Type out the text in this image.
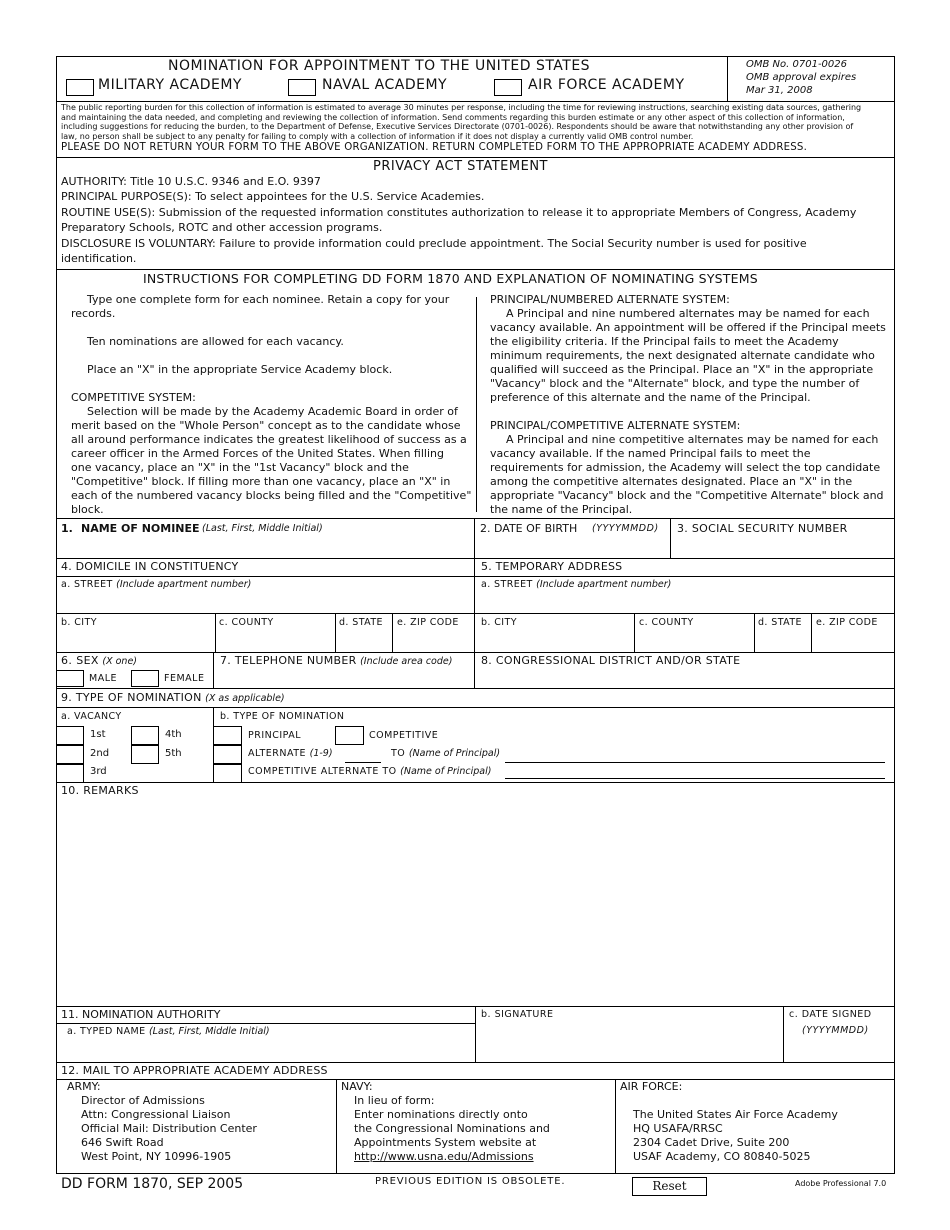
NOMINATION FOR APPOINTMENT TO THE UNITED STATES
MILITARY ACADEMY	NAVAL ACADEMY	AIR FORCE ACADEMY
OMB No. 0701-0026
OMB approval expires
Mar 31, 2008
The public reporting burden for this collection of information is estimated to average 30 minutes per response, including the time for reviewing instructions, searching existing data sources, gathering
and maintaining the data needed, and completing and reviewing the collection of information. Send comments regarding this burden estimate or any other aspect of this collection of information,
including suggestions for reducing the burden, to the Department of Defense, Executive Services Directorate (0701-0026). Respondents should be aware that notwithstanding any other provision of
law, no person shall be subject to any penalty for failing to comply with a collection of information if it does not display a currently valid OMB control number.
PLEASE DO NOT RETURN YOUR FORM TO THE ABOVE ORGANIZATION. RETURN COMPLETED FORM TO THE APPROPRIATE ACADEMY ADDRESS.
PRIVACY ACT STATEMENT
AUTHORITY: Title 10 U.S.C. 9346 and E.O. 9397
PRINCIPAL PURPOSE(S): To select appointees for the U.S. Service Academies.
ROUTINE USE(S): Submission of the requested information constitutes authorization to release it to appropriate Members of Congress, Academy
Preparatory Schools, ROTC and other accession programs.
DISCLOSURE IS VOLUNTARY: Failure to provide information could preclude appointment. The Social Security number is used for positive
identification.
INSTRUCTIONS FOR COMPLETING DD FORM 1870 AND EXPLANATION OF NOMINATING SYSTEMS
Type one complete form for each nominee. Retain a copy for your
records.
Ten nominations are allowed for each vacancy.
Place an "X" in the appropriate Service Academy block.
COMPETITIVE SYSTEM:
Selection will be made by the Academy Academic Board in order of
merit based on the "Whole Person" concept as to the candidate whose
all around performance indicates the greatest likelihood of success as a
career officer in the Armed Forces of the United States. When filling
one vacancy, place an "X" in the "1st Vacancy" block and the
"Competitive" block. If filling more than one vacancy, place an "X" in
each of the numbered vacancy blocks being filled and the "Competitive"
block.
PRINCIPAL/NUMBERED ALTERNATE SYSTEM:
A Principal and nine numbered alternates may be named for each
vacancy available. An appointment will be offered if the Principal meets
the eligibility criteria. If the Principal fails to meet the Academy
minimum requirements, the next designated alternate candidate who
qualified will succeed as the Principal. Place an "X" in the appropriate
"Vacancy" block and the "Alternate" block, and type the number of
preference of this alternate and the name of the Principal.
PRINCIPAL/COMPETITIVE ALTERNATE SYSTEM:
A Principal and nine competitive alternates may be named for each
vacancy available. If the named Principal fails to meet the
requirements for admission, the Academy will select the top candidate
among the competitive alternates designated. Place an "X" in the
appropriate "Vacancy" block and the "Competitive Alternate" block and
the name of the Principal.
1. NAME OF NOMINEE (Last, First, Middle Initial)	2. DATE OF BIRTH (YYYYMMDD) 3. SOCIAL SECURITY NUMBER
4. DOMICILE IN CONSTITUENCY	5. TEMPORARY ADDRESS
a. STREET (Include apartment number)	a. STREET (Include apartment number)
b. CITY	c. COUNTY	d. STATE e. ZIP CODE b. CITY	c. COUNTY	d. STATE e. ZIP CODE
6. SEX (X one)
MALE	FEMALE
7. TELEPHONE NUMBER (Include area code)	8. CONGRESSIONAL DISTRICT AND/OR STATE
9. TYPE OF NOMINATION (X as applicable)
a. VACANCY
1st
2nd
3rd
4th
5th
b. TYPE OF NOMINATION
PRINCIPAL	COMPETITIVE
ALTERNATE (1-9)	TO (Name of Principal)
COMPETITIVE ALTERNATE TO (Name of Principal)
10. REMARKS
11. NOMINATION AUTHORITY
a. TYPED NAME (Last, First, Middle Initial)
b. SIGNATURE	c. DATE SIGNED
(YYYYMMDD)
12. MAIL TO APPROPRIATE ACADEMY ADDRESS
ARMY:
Director of Admissions
Attn: Congressional Liaison
Official Mail: Distribution Center
646 Swift Road
West Point, NY 10996-1905
NAVY:
In lieu of form:
Enter nominations directly onto
the Congressional Nominations and
Appointments System website at
http://www.usna.edu/Admissions
AIR FORCE:
The United States Air Force Academy
HQ USAFA/RRSC
2304 Cadet Drive, Suite 200
USAF Academy, CO 80840-5025
DD FORM 1870, SEP 2005	PREVIOUS EDITION IS OBSOLETE.	Reset	Adobe Professional 7.0
